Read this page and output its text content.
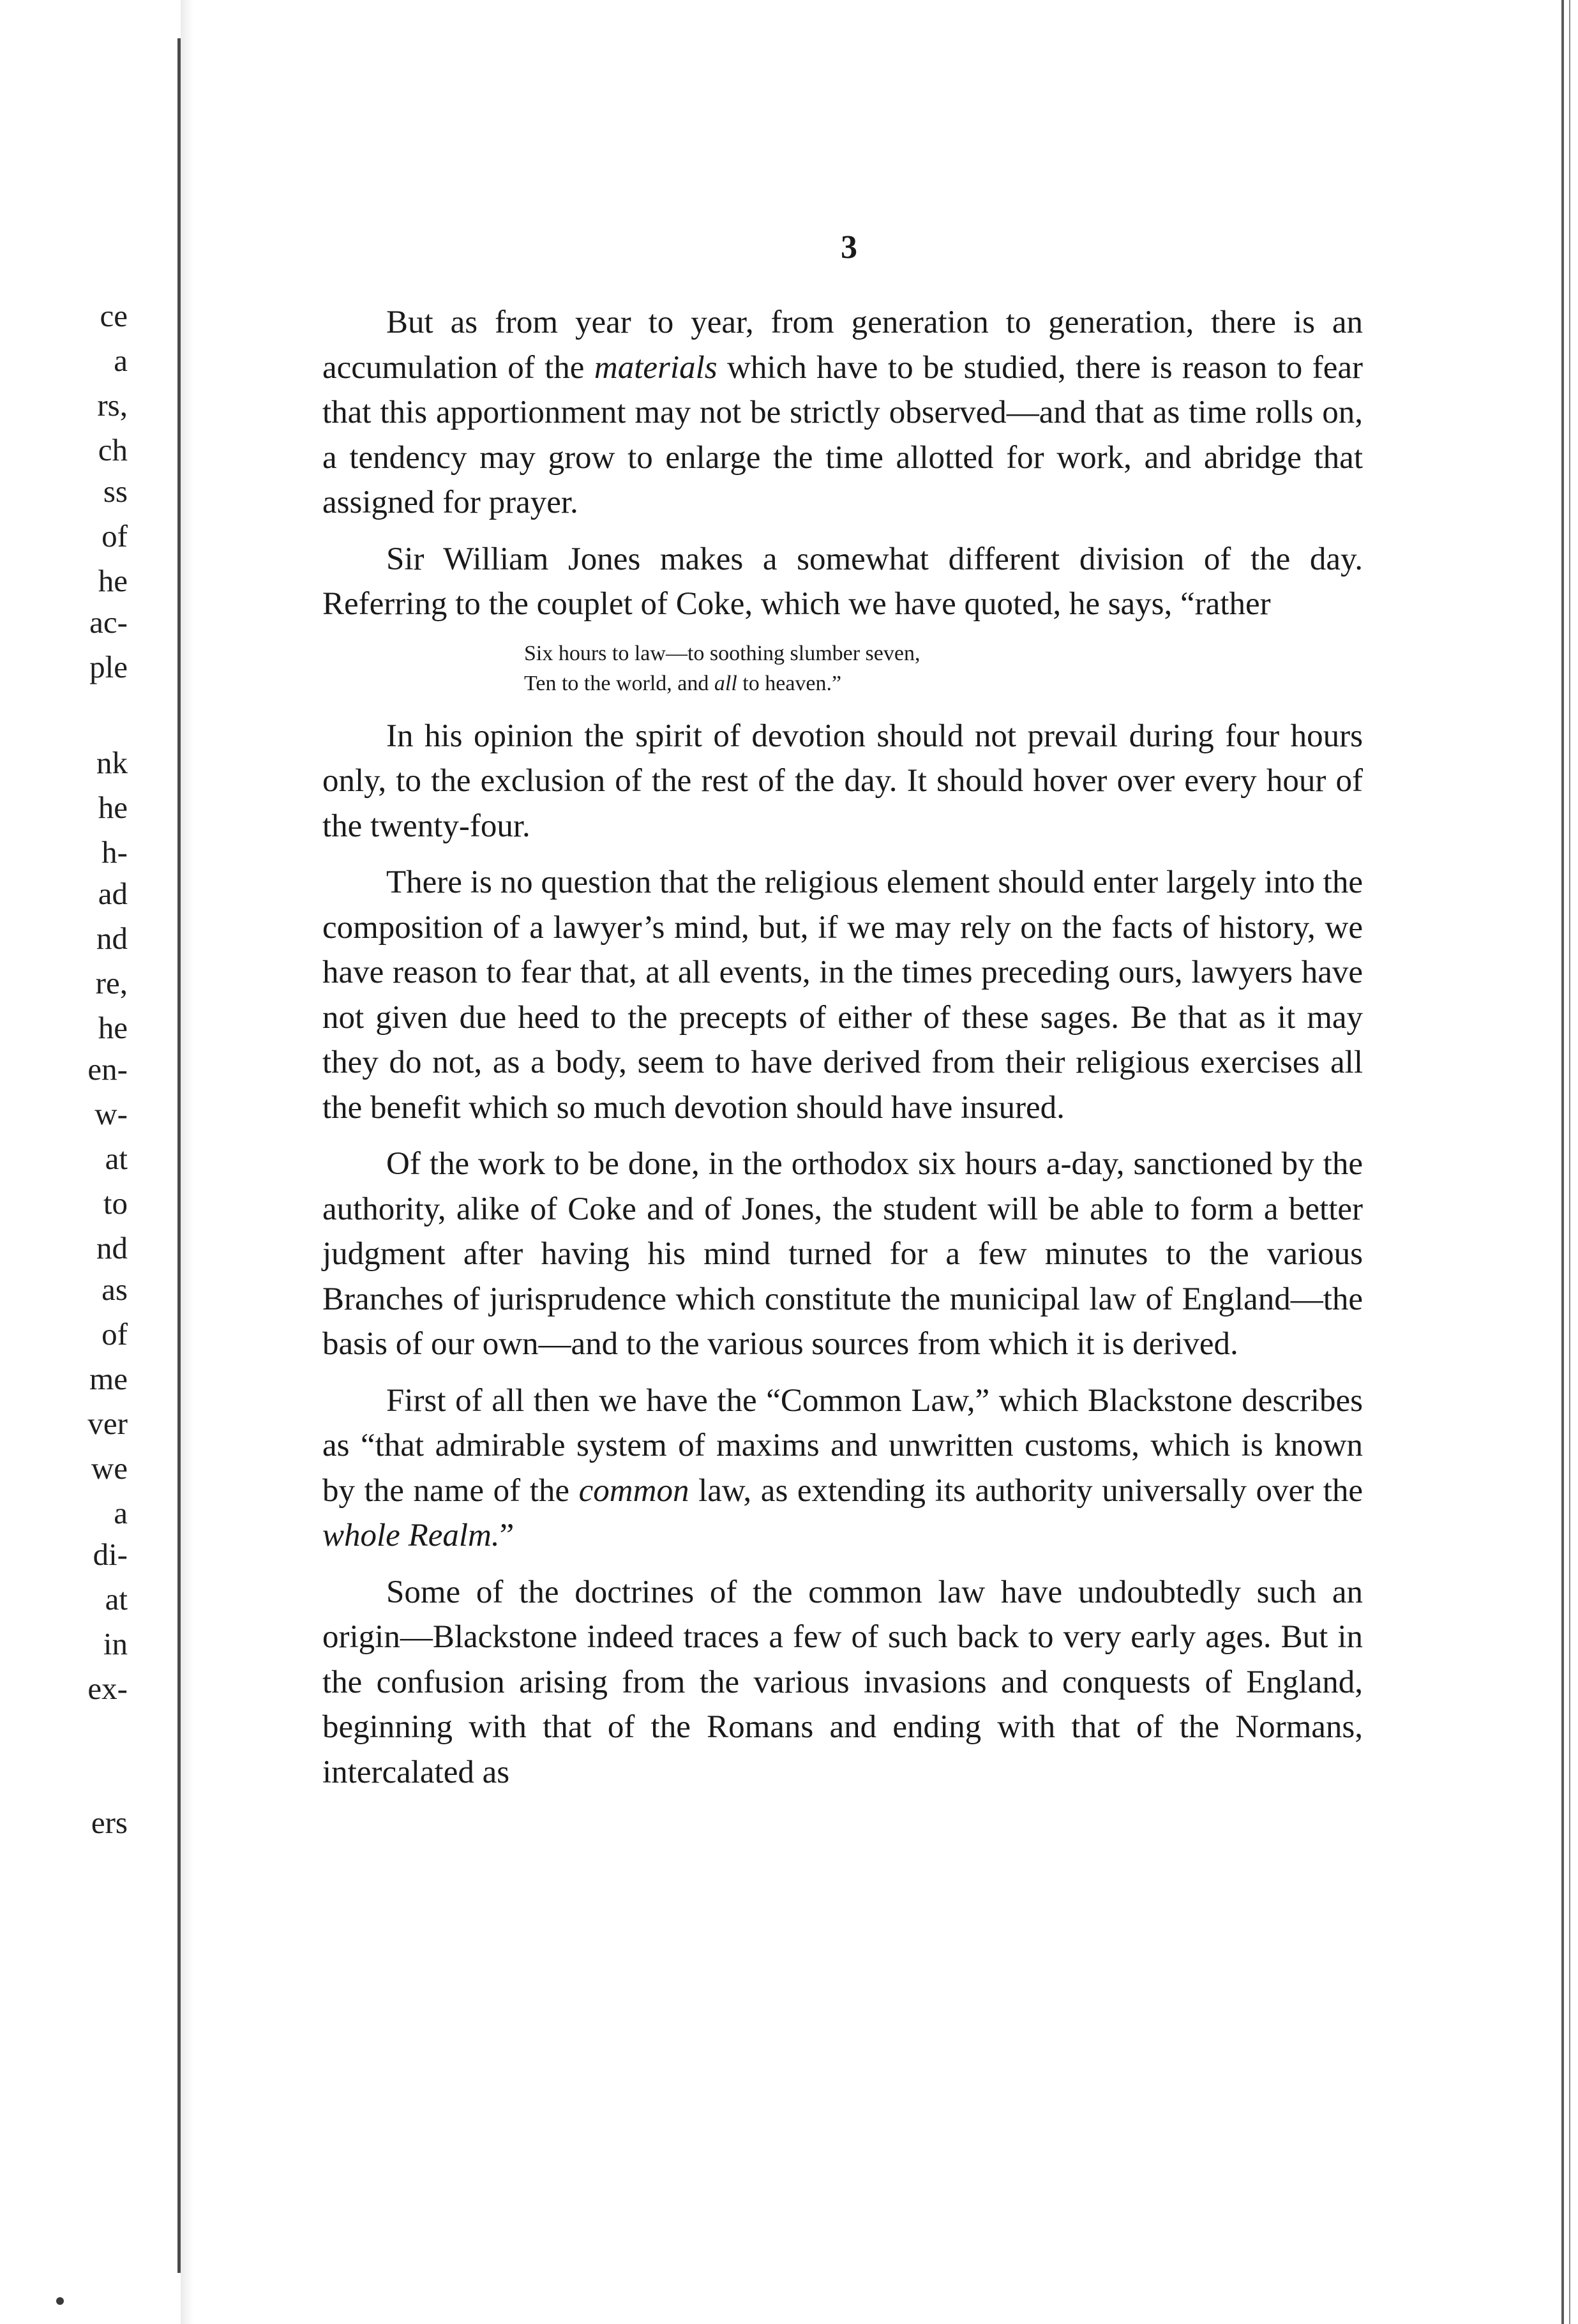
ce
a
rs,
ch
ss
of
he
ac-
ple
nk
he
h-
ad
nd
re,
he
en-
w-
at
to
nd
as
of
me
ver
we
a
di-
at
in
ex-
ers
3

But as from year to year, from generation to generation, there is an accumulation of the materials which have to be studied, there is reason to fear that this apportionment may not be strictly observed—and that as time rolls on, a tendency may grow to enlarge the time allotted for work, and abridge that assigned for prayer.

Sir William Jones makes a somewhat different division of the day. Referring to the couplet of Coke, which we have quoted, he says, “rather

Six hours to law—to soothing slumber seven,
Ten to the world, and all to heaven.”

In his opinion the spirit of devotion should not prevail during four hours only, to the exclusion of the rest of the day. It should hover over every hour of the twenty-four.

There is no question that the religious element should enter largely into the composition of a lawyer’s mind, but, if we may rely on the facts of history, we have reason to fear that, at all events, in the times preceding ours, lawyers have not given due heed to the precepts of either of these sages. Be that as it may they do not, as a body, seem to have derived from their religious exercises all the benefit which so much devotion should have insured.

Of the work to be done, in the orthodox six hours a-day, sanctioned by the authority, alike of Coke and of Jones, the student will be able to form a better judgment after having his mind turned for a few minutes to the various Branches of jurisprudence which constitute the municipal law of England—the basis of our own—and to the various sources from which it is derived.

First of all then we have the “Common Law,” which Blackstone describes as “that admirable system of maxims and unwritten customs, which is known by the name of the common law, as extending its authority universally over the whole Realm.”

Some of the doctrines of the common law have undoubtedly such an origin—Blackstone indeed traces a few of such back to very early ages. But in the confusion arising from the various invasions and conquests of England, beginning with that of the Romans and ending with that of the Normans, intercalated as
